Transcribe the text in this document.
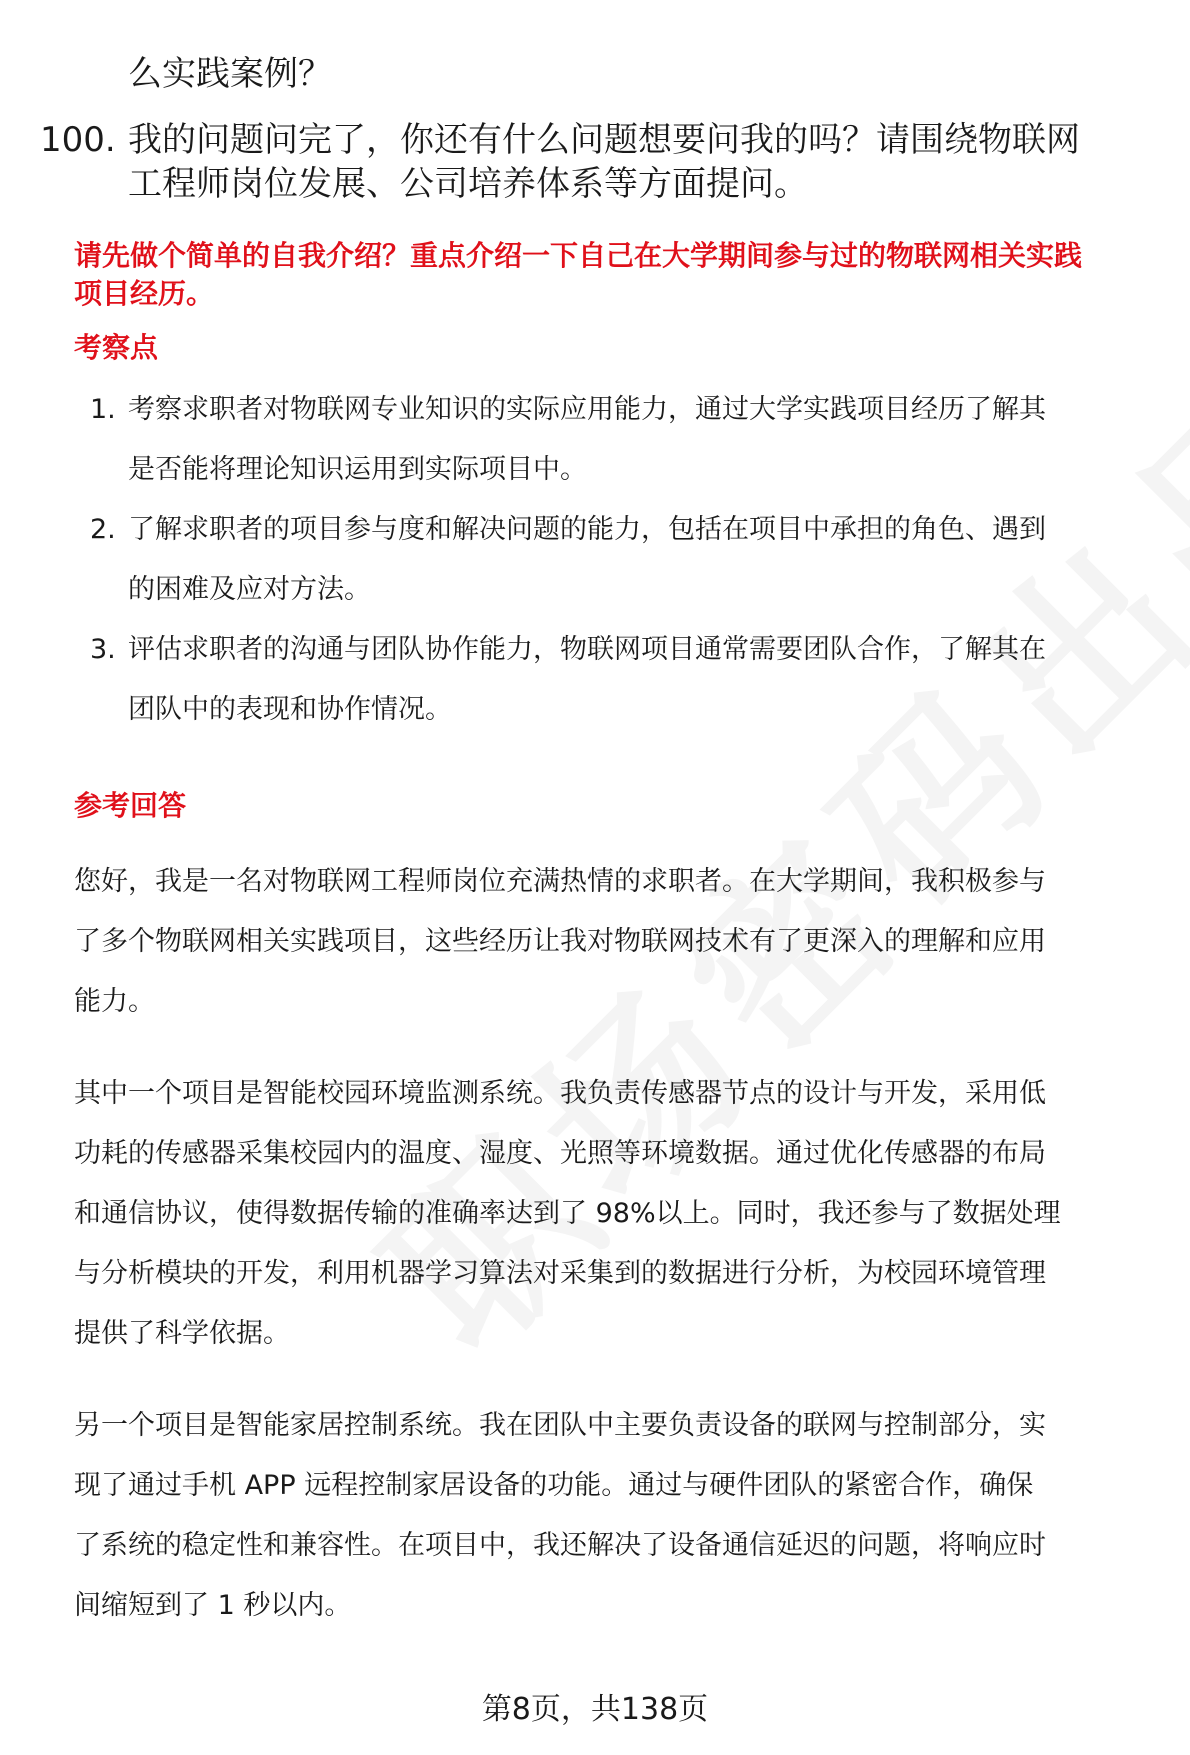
么实践案例？
100. 我的问题问完了，你还有什么问题想要问我的吗？请围绕物联网
工程师岗位发展、公司培养体系等方面提问。
请先做个简单的自我介绍？重点介绍一下自己在大学期间参与过的物联网相关实践
项目经历。
考察点
1. 考察求职者对物联网专业知识的实际应用能力，通过大学实践项目经历了解其
是否能将理论知识运用到实际项目中。
2. 了解求职者的项目参与度和解决问题的能力，包括在项目中承担的角色、遇到
的困难及应对方法。
3. 评估求职者的沟通与团队协作能力，物联网项目通常需要团队合作，了解其在
团队中的表现和协作情况。
参考回答
您好，我是一名对物联网工程师岗位充满热情的求职者。在大学期间，我积极参与
了多个物联网相关实践项目，这些经历让我对物联网技术有了更深入的理解和应用
能力。
其中一个项目是智能校园环境监测系统。我负责传感器节点的设计与开发，采用低
功耗的传感器采集校园内的温度、湿度、光照等环境数据。通过优化传感器的布局
和通信协议，使得数据传输的准确率达到了 98%以上。同时，我还参与了数据处理
与分析模块的开发，利用机器学习算法对采集到的数据进行分析，为校园环境管理
提供了科学依据。
另一个项目是智能家居控制系统。我在团队中主要负责设备的联网与控制部分，实
现了通过手机 APP 远程控制家居设备的功能。通过与硬件团队的紧密合作，确保
了系统的稳定性和兼容性。在项目中，我还解决了设备通信延迟的问题，将响应时
间缩短到了 1 秒以内。
第8页，共138页
